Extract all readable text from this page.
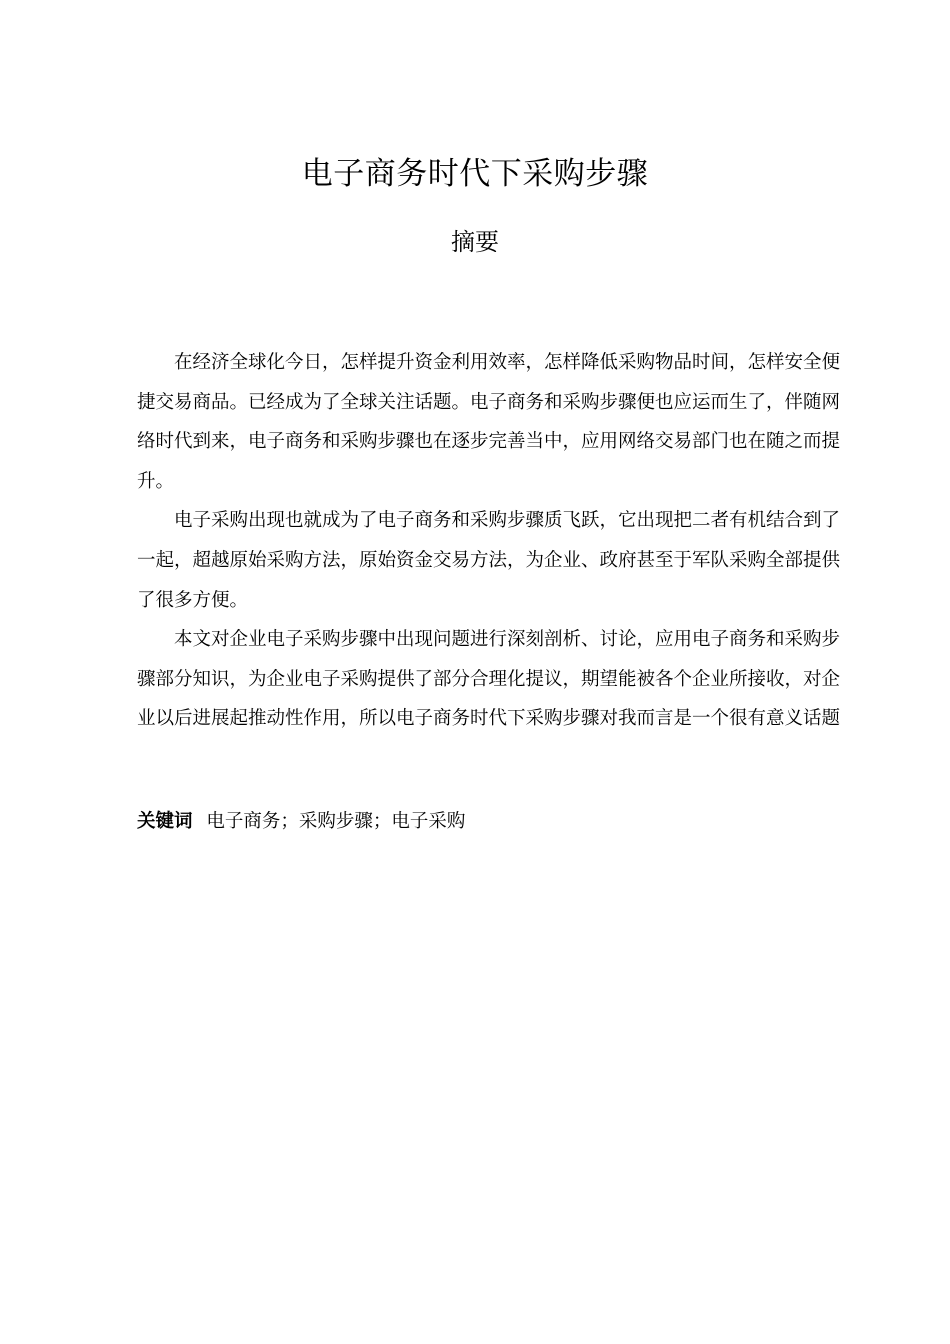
电子商务时代下采购步骤
摘要

在经济全球化今日，怎样提升资金利用效率，怎样降低采购物品时间，怎样安全便捷交易商品。已经成为了全球关注话题。电子商务和采购步骤便也应运而生了，伴随网络时代到来，电子商务和采购步骤也在逐步完善当中，应用网络交易部门也在随之而提升。

电子采购出现也就成为了电子商务和采购步骤质飞跃，它出现把二者有机结合到了一起，超越原始采购方法，原始资金交易方法，为企业、政府甚至于军队采购全部提供了很多方便。

本文对企业电子采购步骤中出现问题进行深刻剖析、讨论，应用电子商务和采购步骤部分知识，为企业电子采购提供了部分合理化提议，期望能被各个企业所接收，对企业以后进展起推动性作用，所以电子商务时代下采购步骤对我而言是一个很有意义话题

关键词 电子商务；采购步骤；电子采购
